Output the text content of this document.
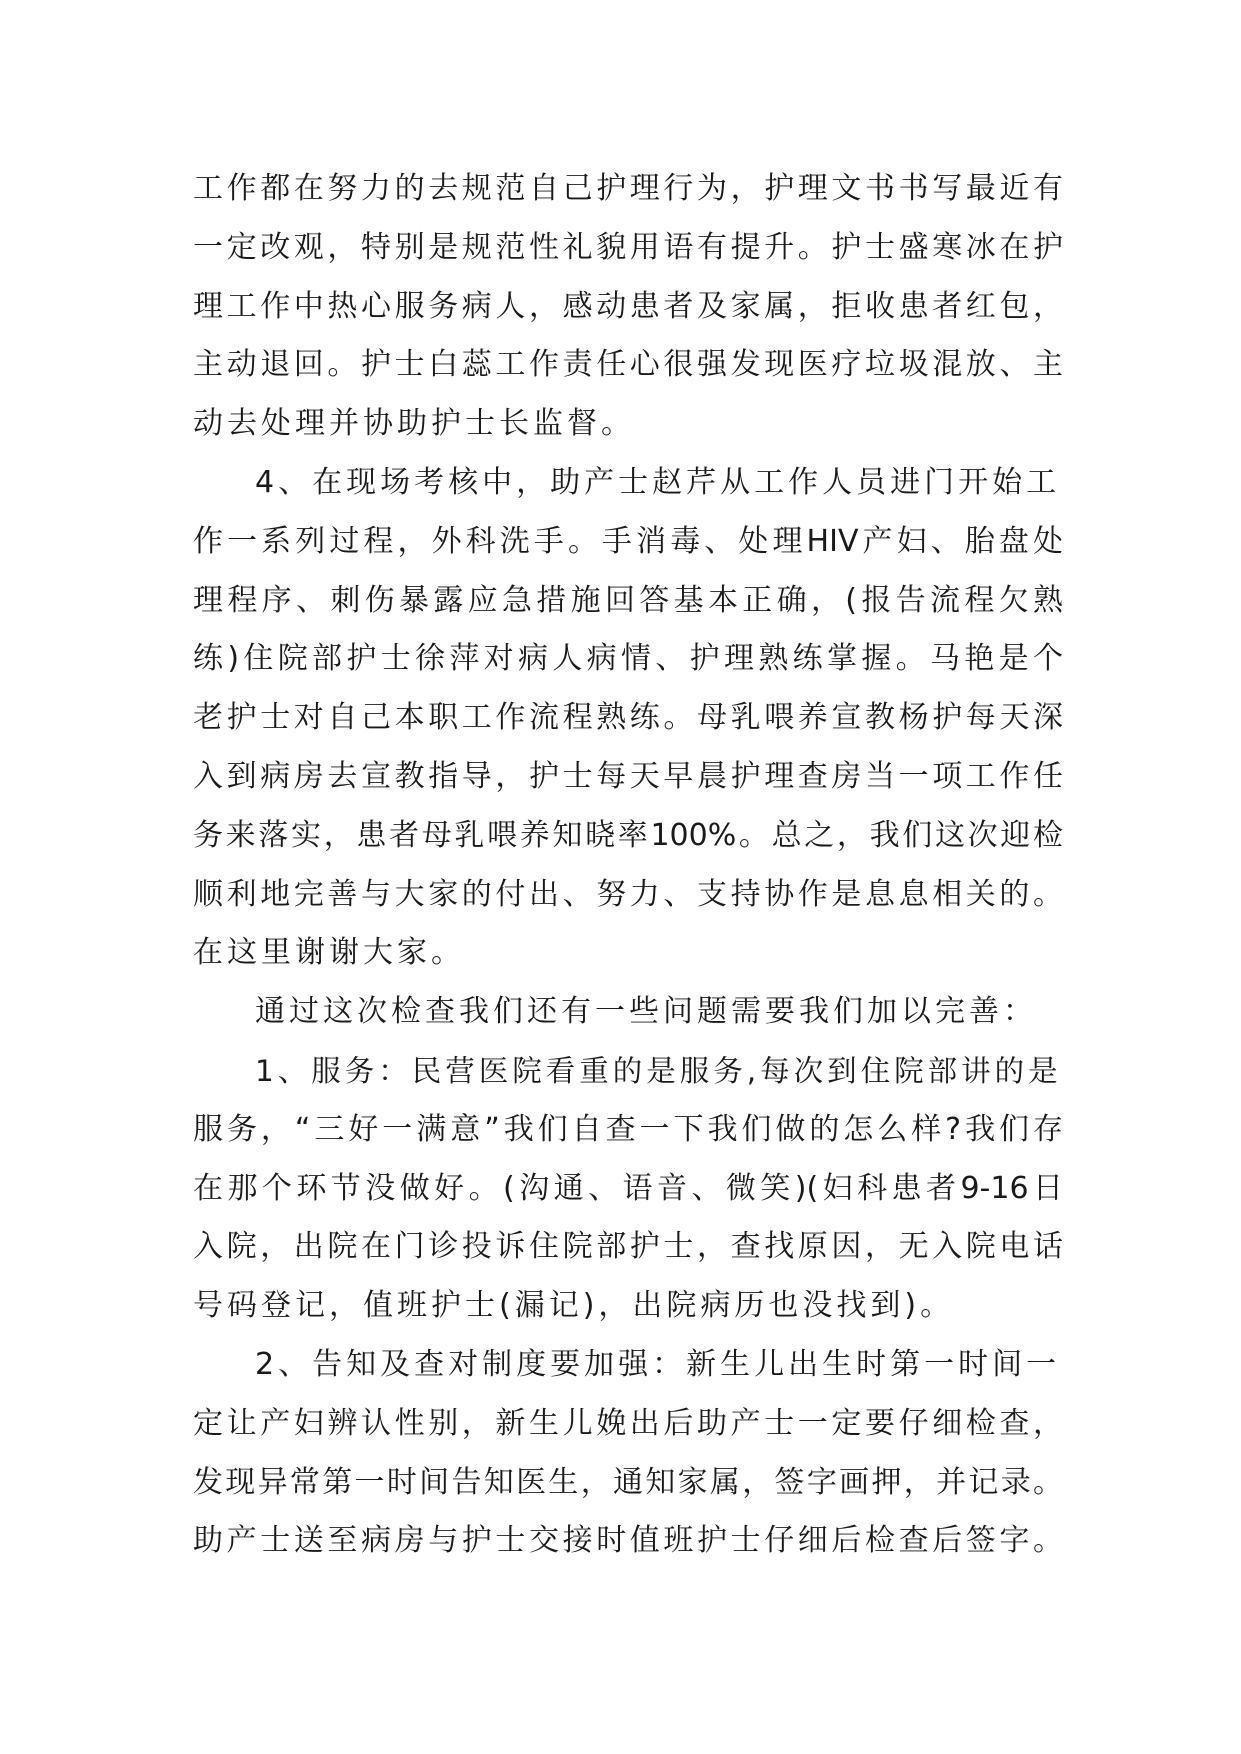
工作都在努力的去规范自己护理行为，护理文书书写最近有
一定改观，特别是规范性礼貌用语有提升。护士盛寒冰在护
理工作中热心服务病人，感动患者及家属，拒收患者红包，
主动退回。护士白蕊工作责任心很强发现医疗垃圾混放、主
动去处理并协助护士长监督。
4、在现场考核中，助产士赵芹从工作人员进门开始工
作一系列过程，外科洗手。手消毒、处理HIV产妇、胎盘处
理程序、刺伤暴露应急措施回答基本正确，(报告流程欠熟
练)住院部护士徐萍对病人病情、护理熟练掌握。马艳是个
老护士对自己本职工作流程熟练。母乳喂养宣教杨护每天深
入到病房去宣教指导，护士每天早晨护理查房当一项工作任
务来落实，患者母乳喂养知晓率100%。总之，我们这次迎检
顺利地完善与大家的付出、努力、支持协作是息息相关的。
在这里谢谢大家。
通过这次检查我们还有一些问题需要我们加以完善：
1、服务：民营医院看重的是服务,每次到住院部讲的是
服务，“三好一满意”我们自查一下我们做的怎么样?我们存
在那个环节没做好。(沟通、语音、微笑)(妇科患者9-16日
入院，出院在门诊投诉住院部护士，查找原因，无入院电话
号码登记，值班护士(漏记)，出院病历也没找到)。
2、告知及查对制度要加强：新生儿出生时第一时间一
定让产妇辨认性别，新生儿娩出后助产士一定要仔细检查，
发现异常第一时间告知医生，通知家属，签字画押，并记录。
助产士送至病房与护士交接时值班护士仔细后检查后签字。
